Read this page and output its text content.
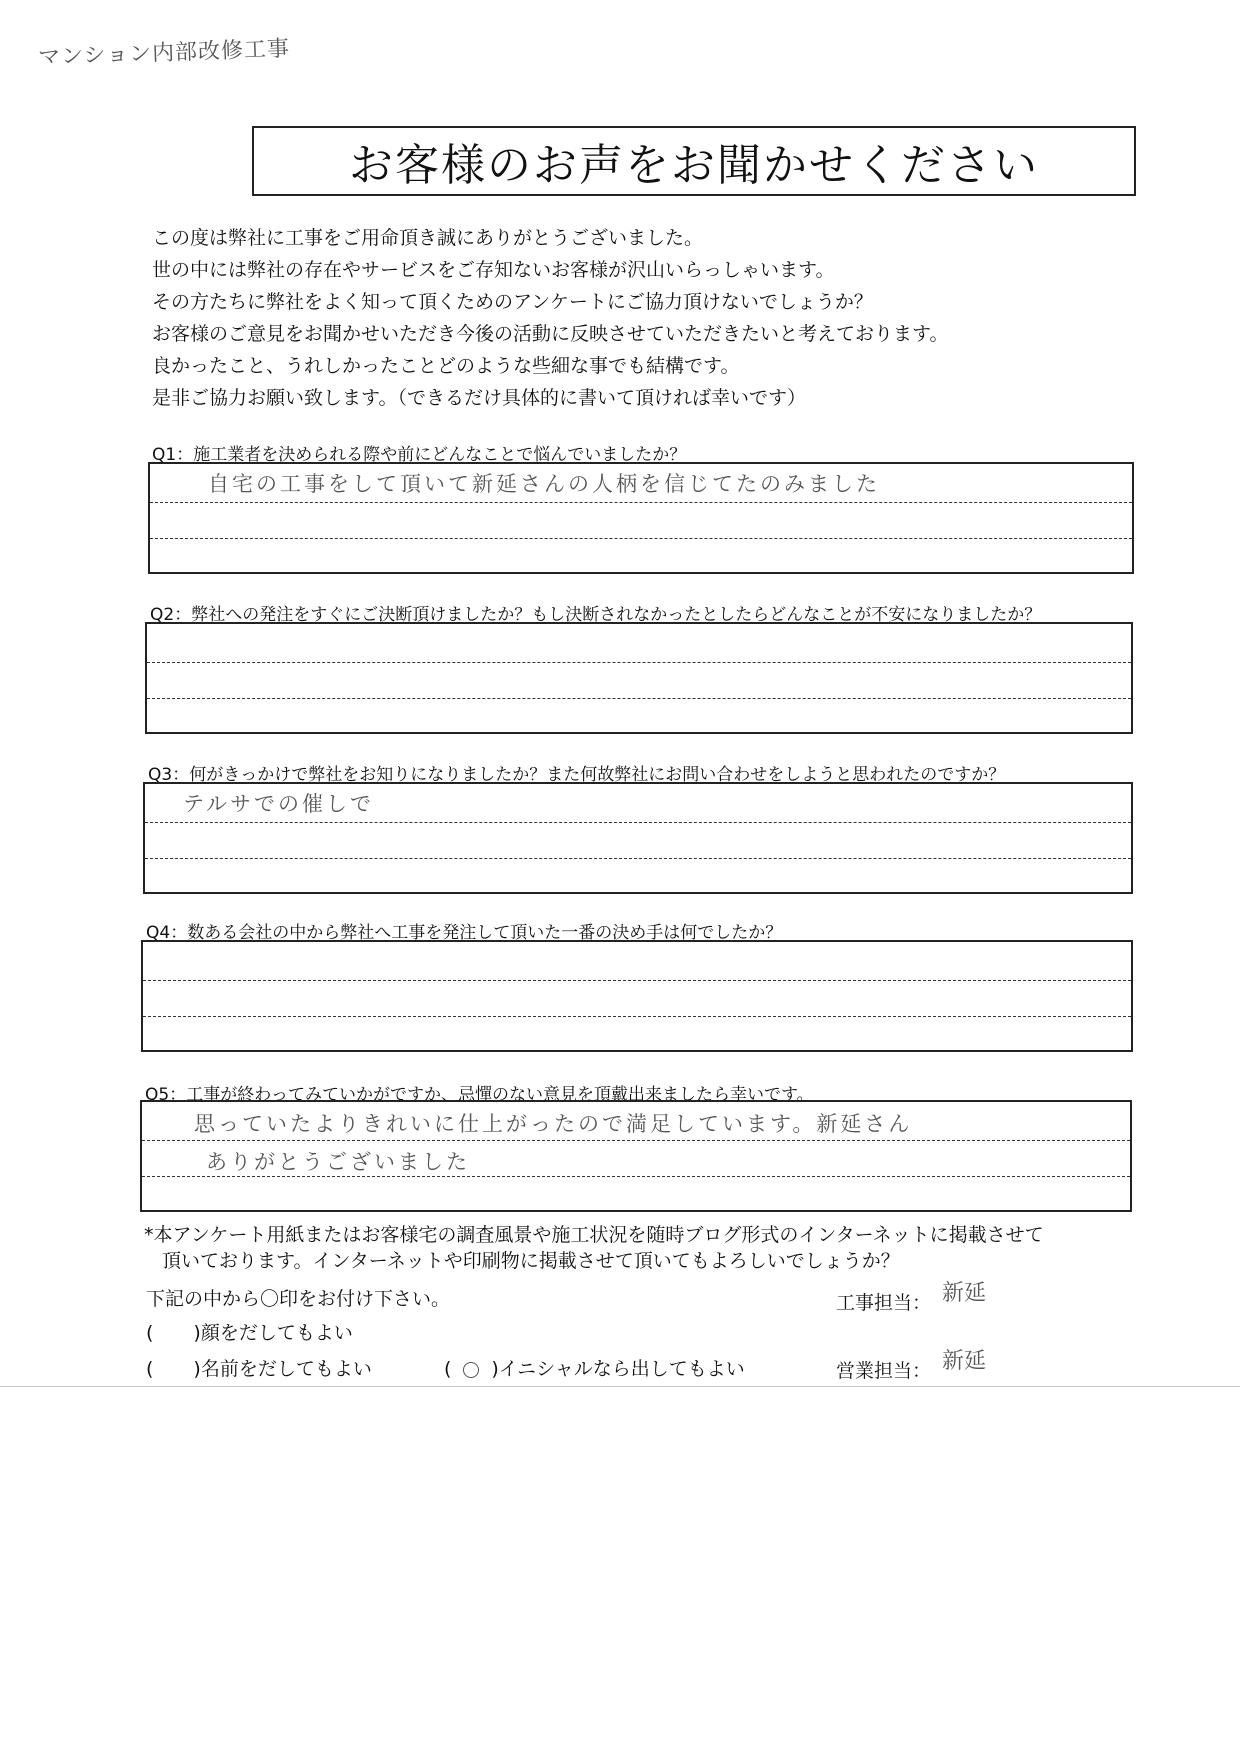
マンション内部改修工事
お客様のお声をお聞かせください
この度は弊社に工事をご用命頂き誠にありがとうございました。
世の中には弊社の存在やサービスをご存知ないお客様が沢山いらっしゃいます。
その方たちに弊社をよく知って頂くためのアンケートにご協力頂けないでしょうか？
お客様のご意見をお聞かせいただき今後の活動に反映させていただきたいと考えております。
良かったこと、うれしかったことどのような些細な事でも結構です。
是非ご協力お願い致します。（できるだけ具体的に書いて頂ければ幸いです）
Q1：施工業者を決められる際や前にどんなことで悩んでいましたか？
自宅の工事をして頂いて新延さんの人柄を信じてたのみました
Q2：弊社への発注をすぐにご決断頂けましたか？もし決断されなかったとしたらどんなことが不安になりましたか？
Q3：何がきっかけで弊社をお知りになりましたか？また何故弊社にお問い合わせをしようと思われたのですか？
テルサでの催しで
Q4：数ある会社の中から弊社へ工事を発注して頂いた一番の決め手は何でしたか？
Q5：工事が終わってみていかがですか、忌憚のない意見を頂戴出来ましたら幸いです。
思っていたよりきれいに仕上がったので満足しています。新延さん
ありがとうございました
*本アンケート用紙またはお客様宅の調査風景や施工状況を随時ブログ形式のインターネットに掲載させて
頂いております。インターネットや印刷物に掲載させて頂いてもよろしいでしょうか？
下記の中から〇印をお付け下さい。
( )顔をだしてもよい
( )名前をだしてもよい	( )イニシャルなら出してもよい
工事担当： 新延
営業担当： 新延
